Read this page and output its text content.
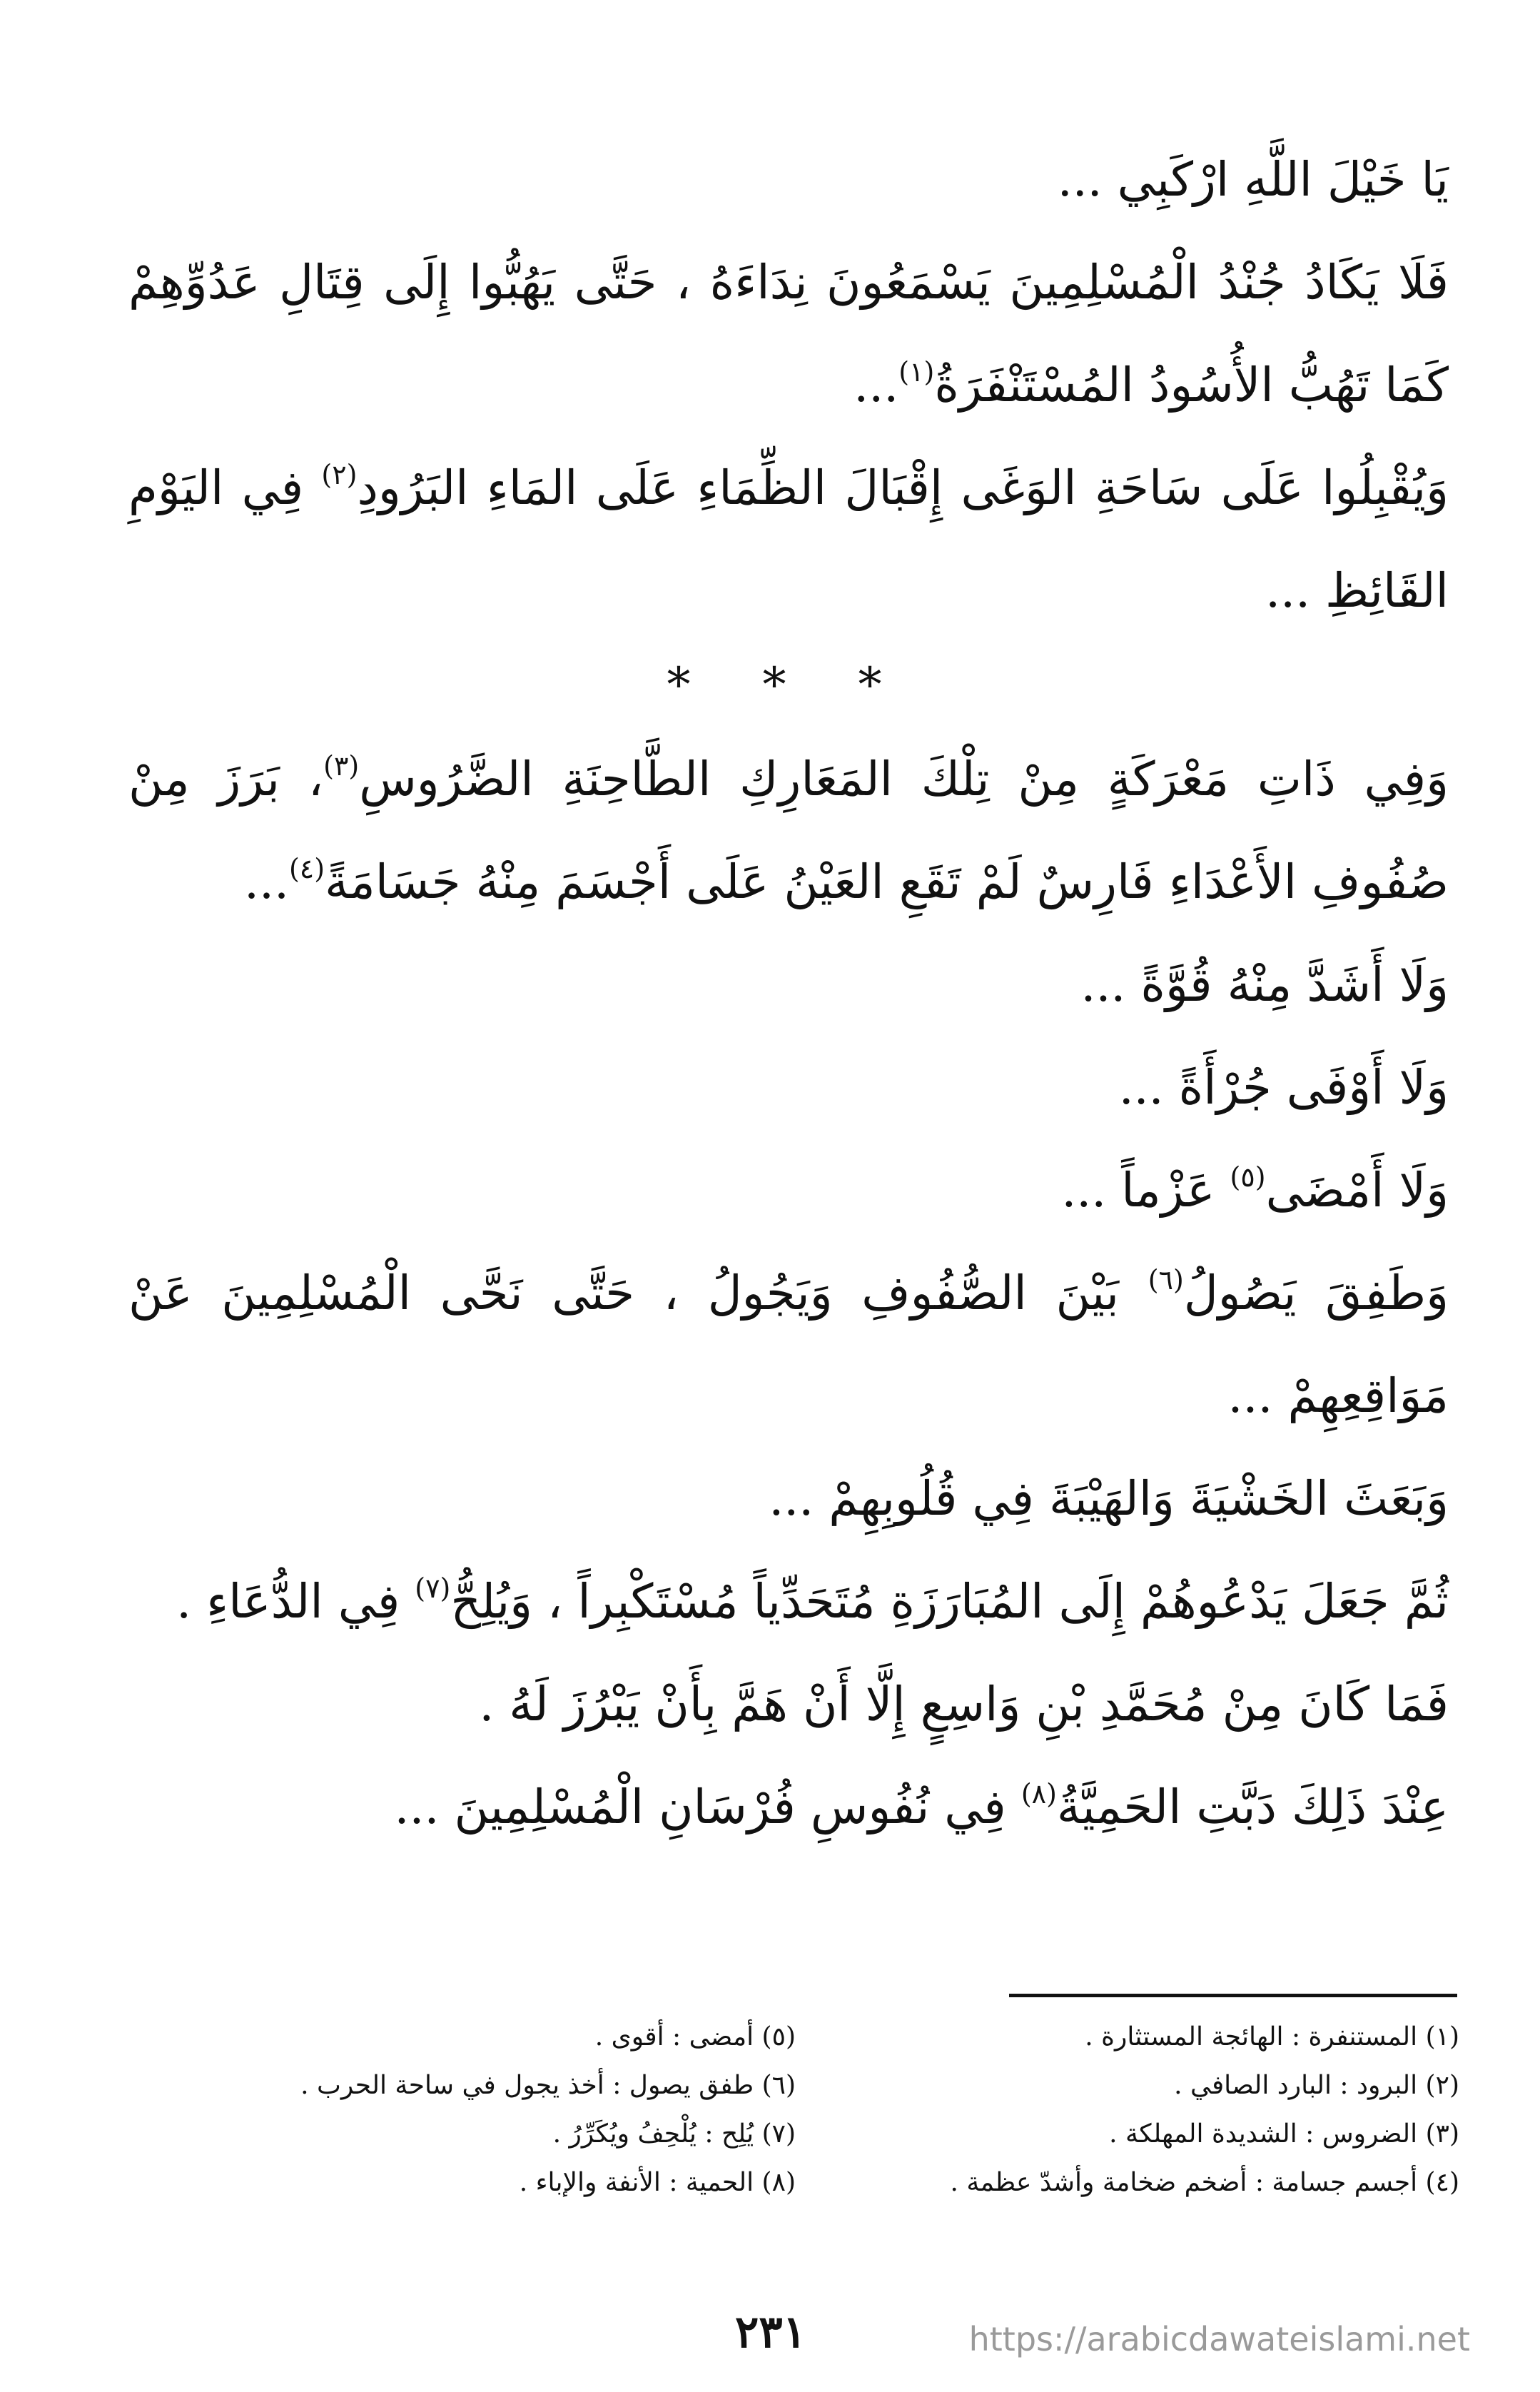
يَا خَيْلَ اللَّهِ ارْكَبِي ...

فَلَا يَكَادُ جُنْدُ الْمُسْلِمِينَ يَسْمَعُونَ نِدَاءَهُ ، حَتَّى يَهُبُّوا إِلَى قِتَالِ عَدُوِّهِمْ كَمَا تَهُبُّ الأُسُودُ المُسْتَنْفَرَةُ$^{(١)}$...

وَيُقْبِلُوا عَلَى سَاحَةِ الوَغَى إِقْبَالَ الظِّمَاءِ عَلَى المَاءِ البَرُودِ$^{(٢)}$ فِي اليَوْمِ القَائِظِ ...

* * *

وَفِي ذَاتِ مَعْرَكَةٍ مِنْ تِلْكَ المَعَارِكِ الطَّاحِنَةِ الضَّرُوسِ$^{(٣)}$، بَرَزَ مِنْ صُفُوفِ الأَعْدَاءِ فَارِسٌ لَمْ تَقَعِ العَيْنُ عَلَى أَجْسَمَ مِنْهُ جَسَامَةً$^{(٤)}$...

وَلَا أَشَدَّ مِنْهُ قُوَّةً ...

وَلَا أَوْفَى جُرْأَةً ...

وَلَا أَمْضَى$^{(٥)}$ عَزْماً ...

وَطَفِقَ يَصُولُ$^{(٦)}$ بَيْنَ الصُّفُوفِ وَيَجُولُ ، حَتَّى نَحَّى الْمُسْلِمِينَ عَنْ مَوَاقِعِهِمْ ...

وَبَعَثَ الخَشْيَةَ وَالهَيْبَةَ فِي قُلُوبِهِمْ ...

ثُمَّ جَعَلَ يَدْعُوهُمْ إِلَى المُبَارَزَةِ مُتَحَدِّياً مُسْتَكْبِراً ، وَيُلِحُّ$^{(٧)}$ فِي الدُّعَاءِ .

فَمَا كَانَ مِنْ مُحَمَّدِ بْنِ وَاسِعٍ إِلَّا أَنْ هَمَّ بِأَنْ يَبْرُزَ لَهُ .

عِنْدَ ذَلِكَ دَبَّتِ الحَمِيَّةُ$^{(٨)}$ فِي نُفُوسِ فُرْسَانِ الْمُسْلِمِينَ ...

(١) المستنفرة : الهائجة المستثارة .
(٥) أمضى : أقوى .
(٢) البرود : البارد الصافي .
(٦) طفق يصول : أخذ يجول في ساحة الحرب .
(٣) الضروس : الشديدة المهلكة .
(٧) يُلِح : يُلْحِفُ ويُكَرِّرُ .
(٤) أجسم جسامة : أضخم ضخامة وأشدّ عظمة .
(٨) الحمية : الأنفة والإباء .
٢٣١	https://arabicdawateislami.net
